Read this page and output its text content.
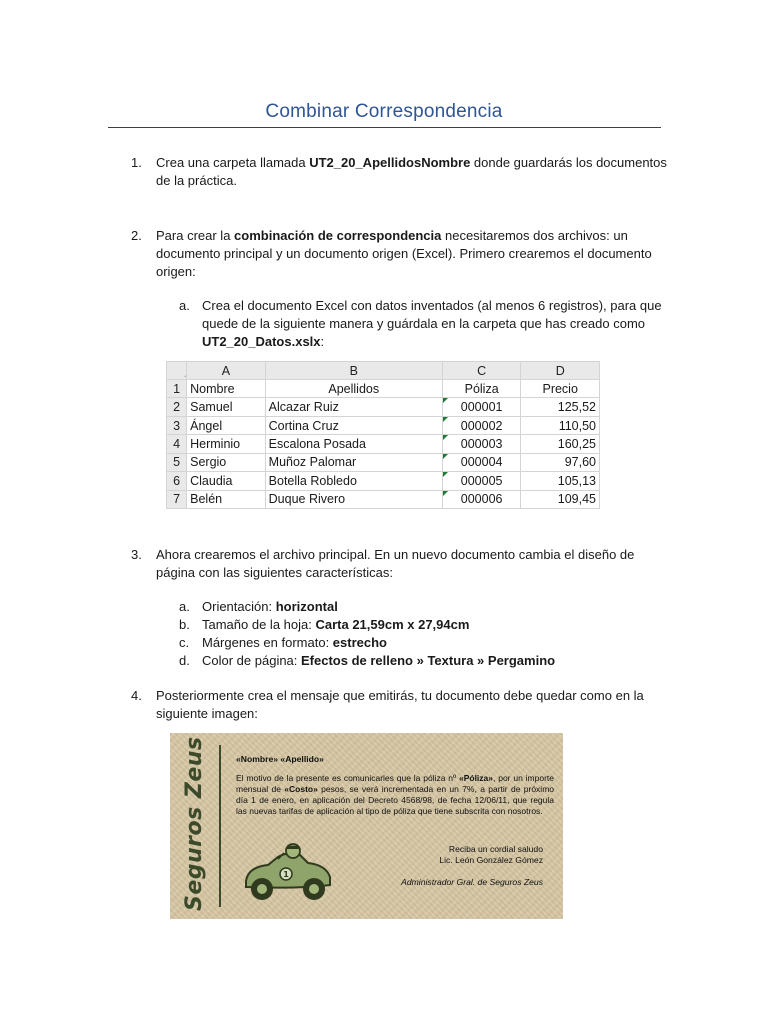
Combinar Correspondencia
1. Crea una carpeta llamada UT2_20_ApellidosNombre donde guardarás los documentos
de la práctica.
2. Para crear la combinación de correspondencia necesitaremos dos archivos: un
documento principal y un documento origen (Excel). Primero crearemos el documento
origen:
a. Crea el documento Excel con datos inventados (al menos 6 registros), para que
quede de la siguiente manera y guárdala en la carpeta que has creado como
UT2_20_Datos.xslx:
	A	B	C	D
1	Nombre	Apellidos	Póliza	Precio
2	Samuel	Alcazar Ruiz	000001	125,52
3	Ángel	Cortina Cruz	000002	110,50
4	Herminio	Escalona Posada	000003	160,25
5	Sergio	Muñoz Palomar	000004	97,60
6	Claudia	Botella Robledo	000005	105,13
7	Belén	Duque Rivero	000006	109,45
3. Ahora crearemos el archivo principal. En un nuevo documento cambia el diseño de
página con las siguientes características:
a. Orientación: horizontal
b. Tamaño de la hoja: Carta 21,59cm x 27,94cm
c. Márgenes en formato: estrecho
d. Color de página: Efectos de relleno » Textura » Pergamino
4. Posteriormente crea el mensaje que emitirás, tu documento debe quedar como en la
siguiente imagen:
Seguros Zeus	«Nombre» «Apellido»
El motivo de la presente es comunicarles que la póliza nº «Póliza», por un importe mensual de «Costo» pesos, se verá incrementada en un 7%, a partir de próximo día 1 de enero, en aplicación del Decreto 4568/98, de fecha 12/06/11, que regula las nuevas tarifas de aplicación al tipo de póliza que tiene subscrita con nosotros.
Reciba un cordial saludo
Lic. León González Gómez
Administrador Gral. de Seguros Zeus
1
